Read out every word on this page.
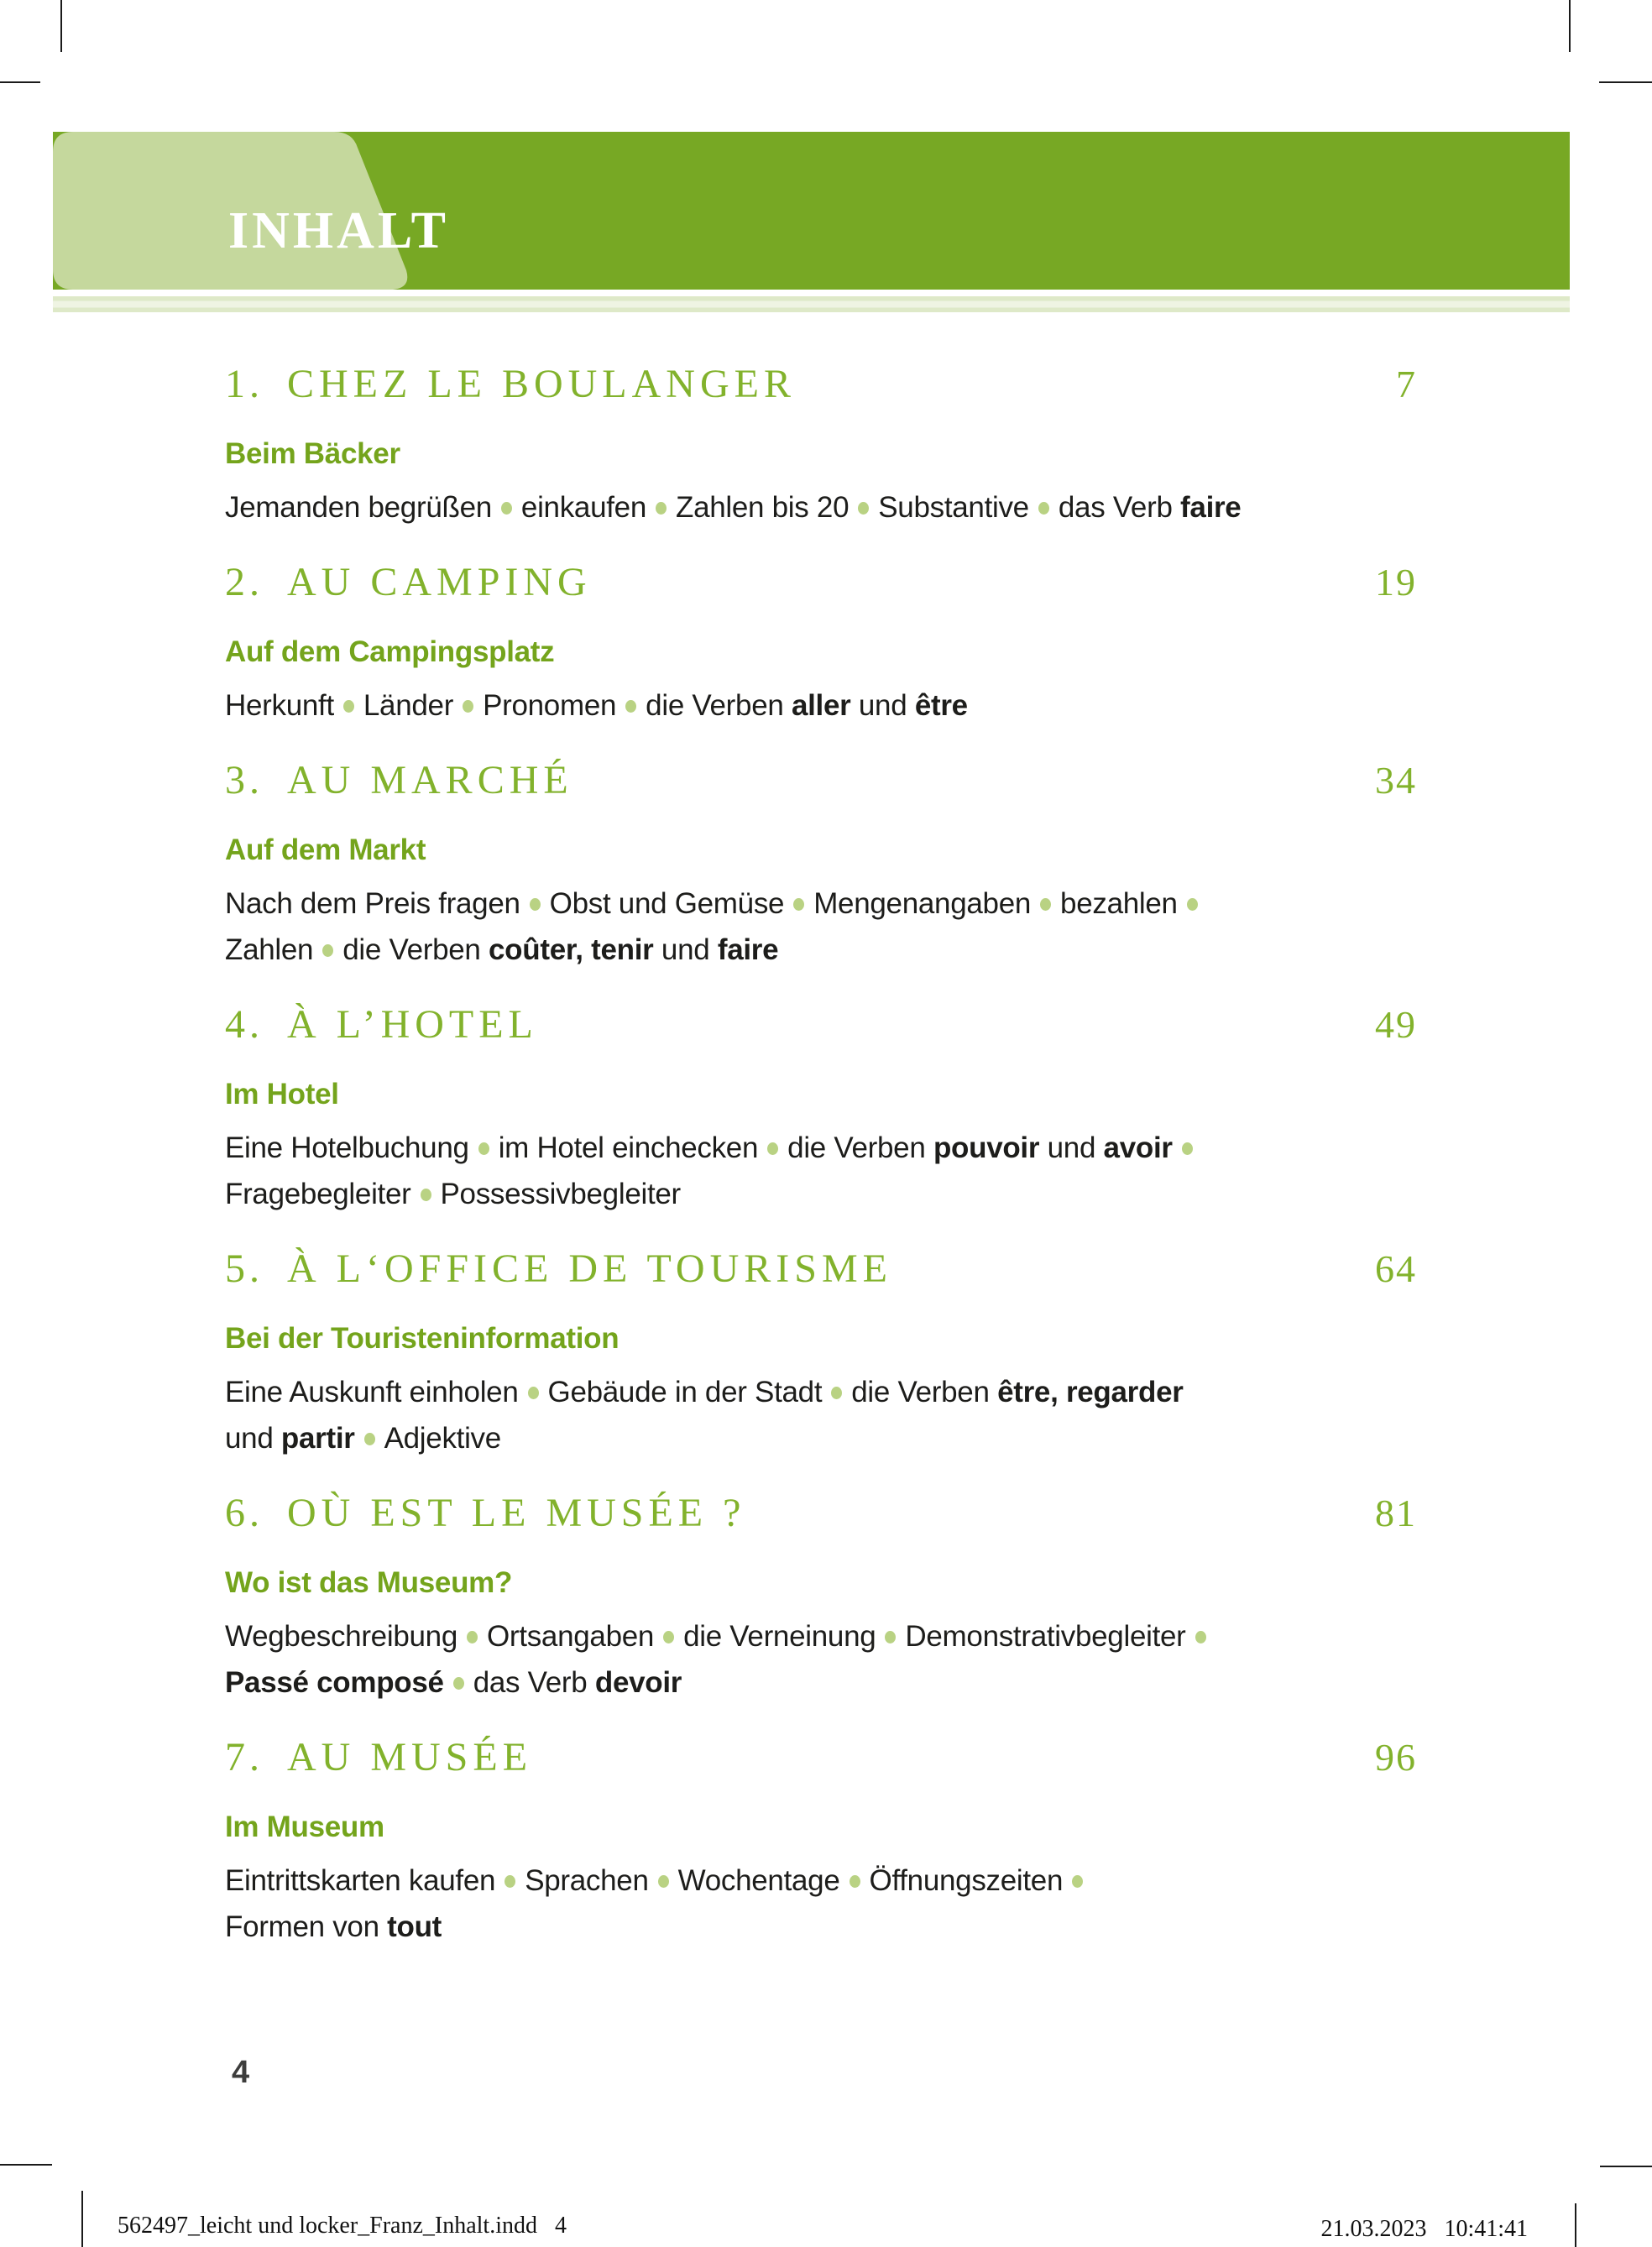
INHALT
1. CHEZ LE BOULANGER	7
Beim Bäcker
Jemanden begrüßen einkaufen Zahlen bis 20 Substantive das Verb faire
2. AU CAMPING	19
Auf dem Campingsplatz
Herkunft Länder Pronomen die Verben aller und être
3. AU MARCHÉ	34
Auf dem Markt
Nach dem Preis fragen Obst und Gemüse Mengenangaben bezahlen
Zahlen die Verben coûter, tenir und faire
4. À L’HOTEL	49
Im Hotel
Eine Hotelbuchung im Hotel einchecken die Verben pouvoir und avoir
Fragebegleiter Possessivbegleiter
5. À L‘OFFICE DE TOURISME	64
Bei der Touristeninformation
Eine Auskunft einholen Gebäude in der Stadt die Verben être, regarder
und partir Adjektive
6. OÙ EST LE MUSÉE ?	81
Wo ist das Museum?
Wegbeschreibung Ortsangaben die Verneinung Demonstrativbegleiter
Passé composé das Verb devoir
7. AU MUSÉE	96
Im Museum
Eintrittskarten kaufen Sprachen Wochentage Öffnungszeiten
Formen von tout
4
562497_leicht und locker_Franz_Inhalt.indd   4	21.03.2023   10:41:41
